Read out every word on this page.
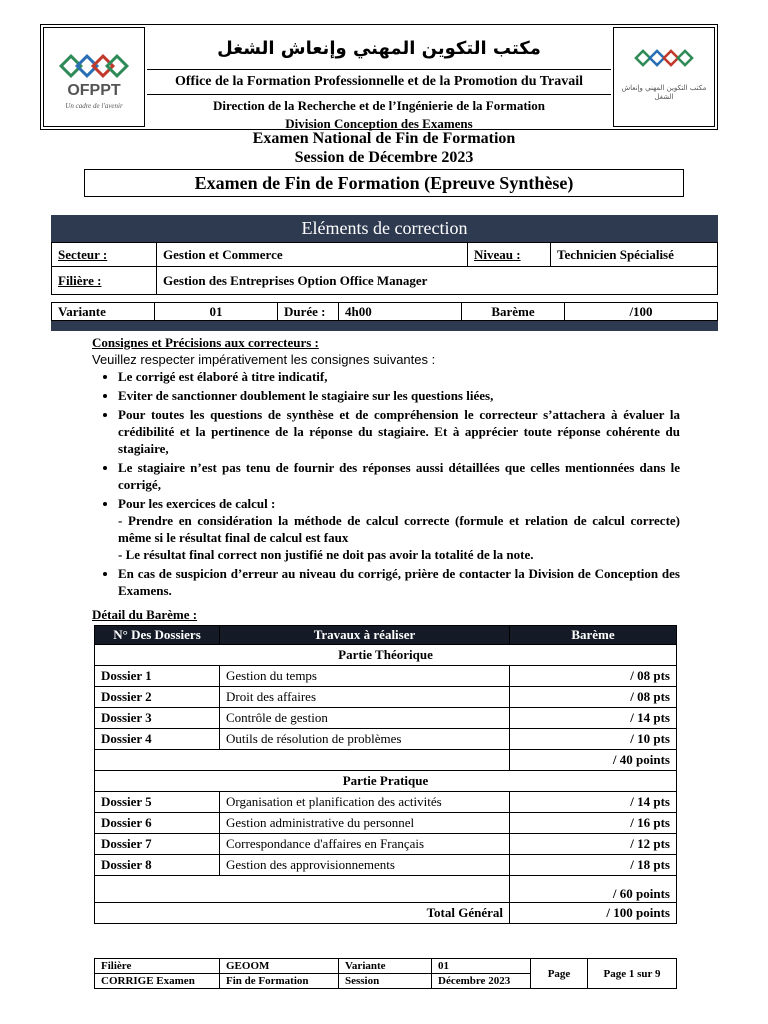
OFPPT
Un cadre de l'avenir
مكتب التكوين المهني وإنعاش الشغل
Office de la Formation Professionnelle et de la Promotion du Travail
Direction de la Recherche et de l’Ingénierie de la Formation
Division Conception des Examens
مكتب التكوين المهني وإنعاش الشغل
Examen National de Fin de Formation
Session de Décembre 2023
Examen de Fin de Formation (Epreuve Synthèse)
Eléments de correction
Secteur :	Gestion et Commerce	Niveau :	Technicien Spécialisé
Filière :	Gestion des Entreprises Option Office Manager		
Variante	01	Durée :	4h00	Barème	/100
Consignes et Précisions aux correcteurs :
Veuillez respecter impérativement les consignes suivantes :
• Le corrigé est élaboré à titre indicatif,
• Eviter de sanctionner doublement le stagiaire sur les questions liées,
• Pour toutes les questions de synthèse et de compréhension le correcteur s’attachera à évaluer la crédibilité et la pertinence de la réponse du stagiaire. Et à apprécier toute réponse cohérente du stagiaire,
• Le stagiaire n’est pas tenu de fournir des réponses aussi détaillées que celles mentionnées dans le corrigé,
• Pour les exercices de calcul :
- Prendre en considération la méthode de calcul correcte (formule et relation de calcul correcte) même si le résultat final de calcul est faux
- Le résultat final correct non justifié ne doit pas avoir la totalité de la note.
• En cas de suspicion d’erreur au niveau du corrigé, prière de contacter la Division de Conception des Examens.
Détail du Barème :
N° Des Dossiers	Travaux à réaliser	Barème
Partie Théorique		
Dossier 1	Gestion du temps	/ 08 pts
Dossier 2	Droit des affaires	/ 08 pts
Dossier 3	Contrôle de gestion	/ 14 pts
Dossier 4	Outils de résolution de problèmes	/ 10 pts
		/ 40 points
Partie Pratique		
Dossier 5	Organisation et planification des activités	/ 14 pts
Dossier 6	Gestion administrative du personnel	/ 16 pts
Dossier 7	Correspondance d'affaires en Français	/ 12 pts
Dossier 8	Gestion des approvisionnements	/ 18 pts
		/ 60 points
Total Général		/ 100 points
Filière	GEOOM	Variante	01	Page	Page 1 sur 9
CORRIGE Examen	Fin de Formation	Session	Décembre 2023		
